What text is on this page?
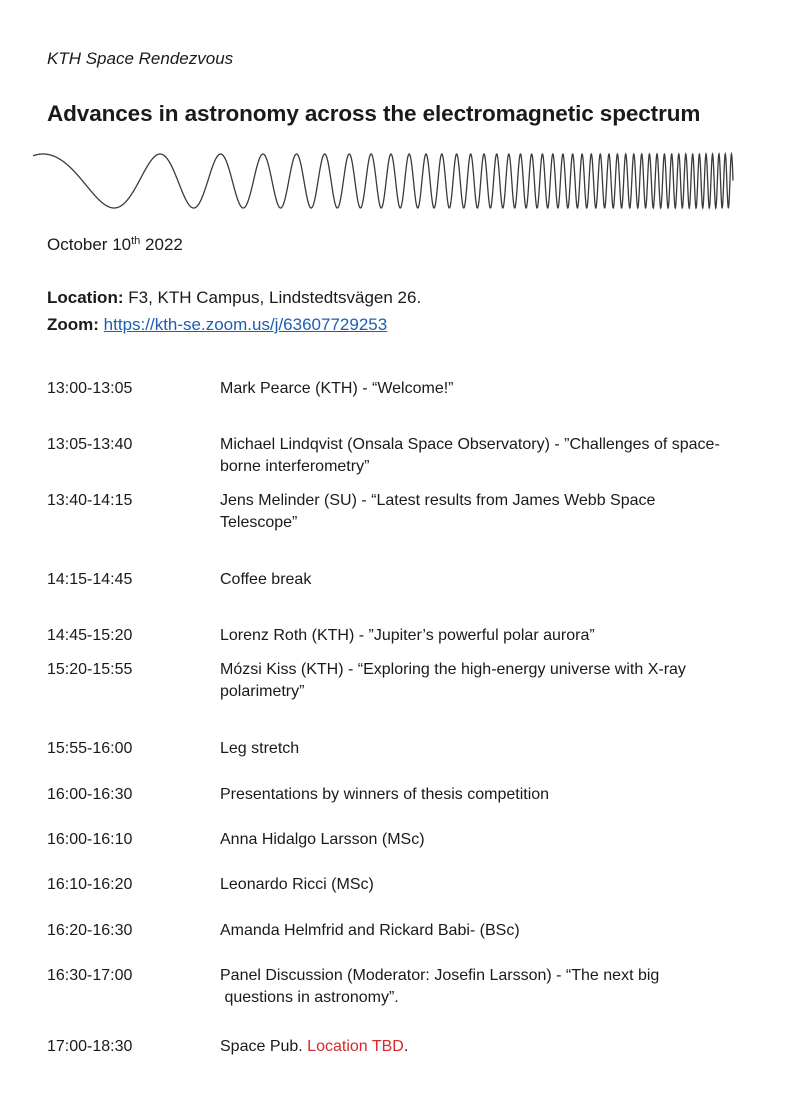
KTH Space Rendezvous
Advances in astronomy across the electromagnetic spectrum
October 10th 2022
Location: F3, KTH Campus, Lindstedtsvägen 26.
Zoom: https://kth-se.zoom.us/j/63607729253
13:00-13:05	Mark Pearce (KTH) - “Welcome!”
13:05-13:40	Michael Lindqvist (Onsala Space Observatory) - ”Challenges of space-
borne interferometry”
13:40-14:15	Jens Melinder (SU) - “Latest results from James Webb Space
Telescope”
14:15-14:45	Coffee break
14:45-15:20	Lorenz Roth (KTH) - ”Jupiter’s powerful polar aurora”
15:20-15:55	Mózsi Kiss (KTH) - “Exploring the high-energy universe with X-ray
polarimetry”
15:55-16:00	Leg stretch
16:00-16:30	Presentations by winners of thesis competition
16:00-16:10	Anna Hidalgo Larsson (MSc)
16:10-16:20	Leonardo Ricci (MSc)
16:20-16:30	Amanda Helmfrid and Rickard Babi- (BSc)
16:30-17:00	Panel Discussion (Moderator: Josefin Larsson) - “The next big
questions in astronomy”.
17:00-18:30	Space Pub. Location TBD.
